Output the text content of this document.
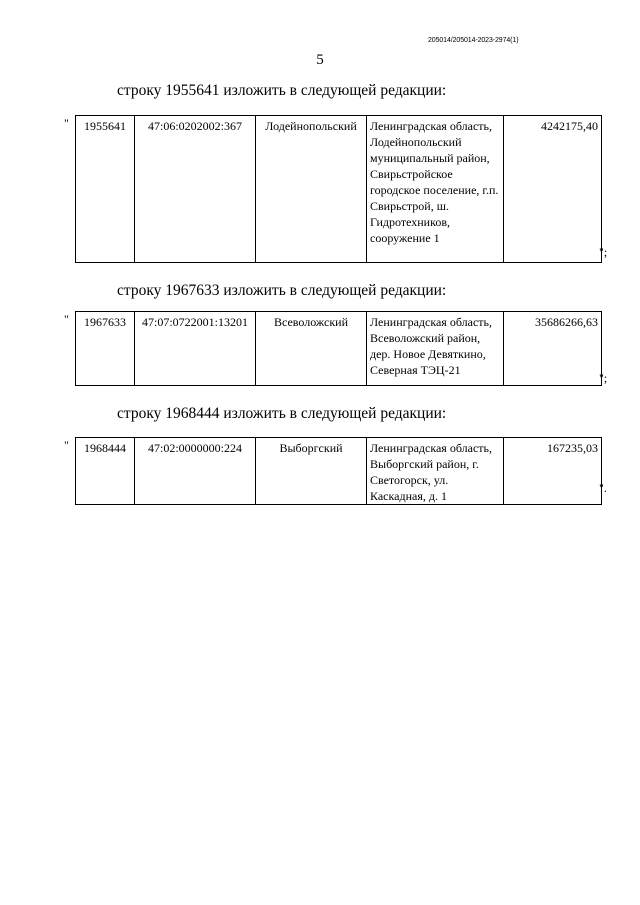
205014/205014-2023-2974(1)
5
строку 1955641 изложить в следующей редакции:
" 1955641	47:06:0202002:367	Лодейнопольский	Ленинградская область, Лодейнопольский муниципальный район, Свирьстройское городское поселение, г.п. Свирьстрой, ш. Гидротехников, сооружение 1	4242175,40
";
строку 1967633 изложить в следующей редакции:
" 1967633	47:07:0722001:13201	Всеволожский	Ленинградская область, Всеволожский район, дер. Новое Девяткино, Северная ТЭЦ-21	35686266,63
";
строку 1968444 изложить в следующей редакции:
" 1968444	47:02:0000000:224	Выборгский	Ленинградская область, Выборгский район, г. Светогорск, ул. Каскадная, д. 1	167235,03
".
